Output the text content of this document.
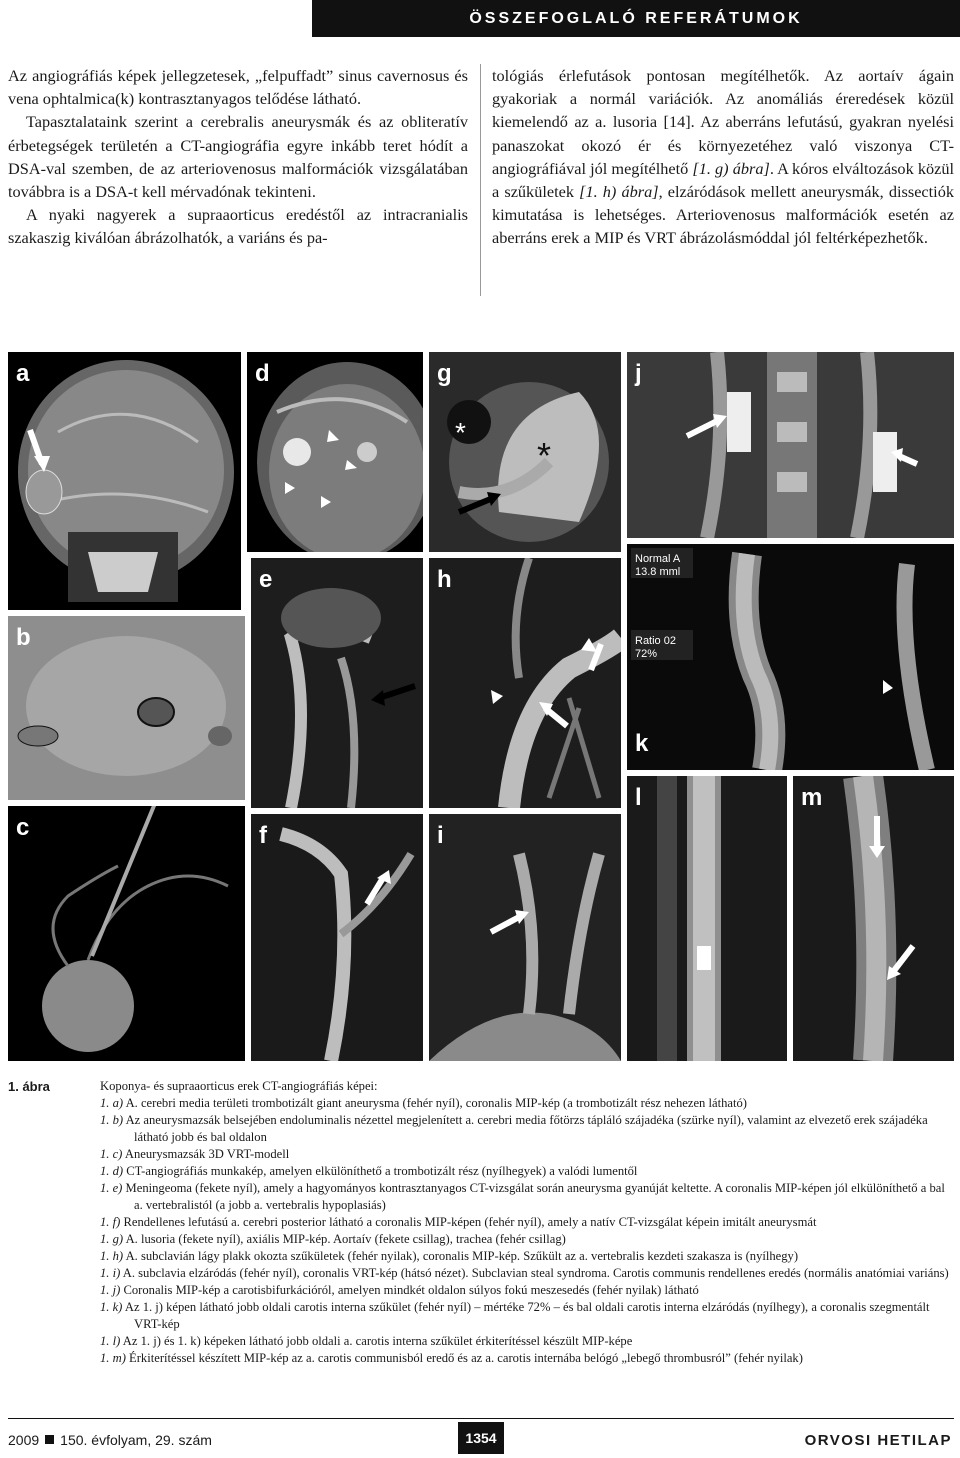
ÖSSZEFOGLALÓ REFERÁTUMOK

Az angiográfiás képek jellegzetesek, „felpuffadt” sinus cavernosus és vena ophtalmica(k) kontrasztanyagos telődése látható.

Tapasztalataink szerint a cerebralis aneurysmák és az obliteratív érbetegségek területén a CT-angiográfia egyre inkább teret hódít a DSA-val szemben, de az arteriovenosus malformációk vizsgálatában továbbra is a DSA-t kell mérvadónak tekinteni.

A nyaki nagyerek a supraaorticus eredéstől az intracranialis szakaszig kiválóan ábrázolhatók, a variáns és pa-

tológiás érlefutások pontosan megítélhetők. Az aortaív ágain gyakoriak a normál variációk. Az anomáliás éreredések közül kiemelendő az a. lusoria [14]. Az aberráns lefutású, gyakran nyelési panaszokat okozó ér és környezetéhez való viszonya CT-angiográfiával jól megítélhető [1. g) ábra]. A kóros elváltozások közül a szűkületek [1. h) ábra], elzáródások mellett aneurysmák, dissectiók kimutatása is lehetséges. Arteriovenosus malformációk esetén az aberráns erek a MIP és VRT ábrázolásmóddal jól feltérképezhetők.

a	d
*
*
g	j
e	h
Normal A
13.8 mml
Ratio 02
72%
k
b
c	f	i
l	m
1. ábra	Koponya- és supraaorticus erek CT-angiográfiás képei:
1. a) A. cerebri media területi trombotizált giant aneurysma (fehér nyíl), coronalis MIP-kép (a trombotizált rész nehezen látható)
1. b) Az aneurysmazsák belsejében endoluminalis nézettel megjelenített a. cerebri media főtörzs tápláló szájadéka (szürke nyíl), valamint az elvezető erek szájadéka látható jobb és bal oldalon
1. c) Aneurysmazsák 3D VRT-modell
1. d) CT-angiográfiás munkakép, amelyen elkülöníthető a trombotizált rész (nyílhegyek) a valódi lumentől
1. e) Meningeoma (fekete nyíl), amely a hagyományos kontrasztanyagos CT-vizsgálat során aneurysma gyanúját keltette. A coronalis MIP-képen jól elkülöníthető a bal a. vertebralistól (a jobb a. vertebralis hypoplasiás)
1. f) Rendellenes lefutású a. cerebri posterior látható a coronalis MIP-képen (fehér nyíl), amely a natív CT-vizsgálat képein imitált aneurysmát
1. g) A. lusoria (fekete nyíl), axiális MIP-kép. Aortaív (fekete csillag), trachea (fehér csillag)
1. h) A. subclavián lágy plakk okozta szűkületek (fehér nyilak), coronalis MIP-kép. Szűkült az a. vertebralis kezdeti szakasza is (nyílhegy)
1. i) A. subclavia elzáródás (fehér nyíl), coronalis VRT-kép (hátsó nézet). Subclavian steal syndroma. Carotis communis rendellenes eredés (normális anatómiai variáns)
1. j) Coronalis MIP-kép a carotisbifurkációról, amelyen mindkét oldalon súlyos fokú meszesedés (fehér nyilak) látható
1. k) Az 1. j) képen látható jobb oldali carotis interna szűkület (fehér nyíl) – mértéke 72% – és bal oldali carotis interna elzáródás (nyílhegy), a coronalis szegmentált VRT-kép
1. l) Az 1. j) és 1. k) képeken látható jobb oldali a. carotis interna szűkület érkiterítéssel készült MIP-képe
1. m) Érkiterítéssel készített MIP-kép az a. carotis communisból eredő és az a. carotis internába belógó „lebegő thrombusról” (fehér nyilak)
2009 150. évfolyam, 29. szám	1354	ORVOSI HETILAP
